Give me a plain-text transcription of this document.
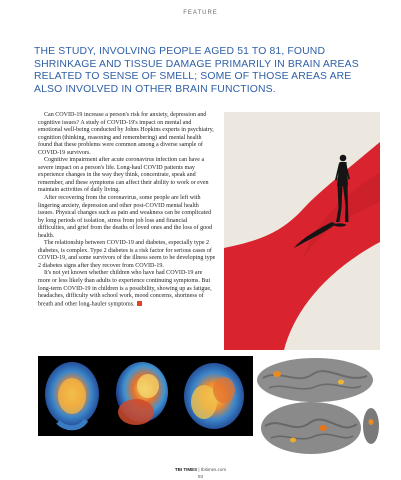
FEATURE
THE STUDY, INVOLVING PEOPLE AGED 51 TO 81, FOUND SHRINKAGE AND TISSUE DAMAGE PRIMARILY IN BRAIN AREAS RELATED TO SENSE OF SMELL; SOME OF THOSE AREAS ARE ALSO INVOLVED IN OTHER BRAIN FUNCTIONS.

Can COVID-19 increase a person's risk for anxiety, depression and cognitive issues? A study of COVID-19's impact on mental and emotional well-being conducted by Johns Hopkins experts in psychiatry, cognition (thinking, reasoning and remembering) and mental health found that these problems were common among a diverse sample of COVID-19 survivors.

Cognitive impairment after acute coronavirus infection can have a severe impact on a person's life. Long-haul COVID patients may experience changes in the way they think, concentrate, speak and remember, and these symptoms can affect their ability to work or even maintain activities of daily living.

After recovering from the coronavirus, some people are left with lingering anxiety, depression and other post-COVID mental health issues. Physical changes such as pain and weakness can be complicated by long periods of isolation, stress from job loss and financial difficulties, and grief from the deaths of loved ones and the loss of good health.

The relationship between COVID-19 and diabetes, especially type 2 diabetes, is complex. Type 2 diabetes is a risk factor for serious cases of COVID-19, and some survivors of the illness seem to be developing type 2 diabetes signs after they recover from COVID-19.

It's not yet known whether children who have had COVID-19 are more or less likely than adults to experience continuing symptoms. But long-term COVID-19 in children is a possibility, showing up as fatigue, headaches, difficulty with school work, mood concerns, shortness of breath and other long-hauler symptoms.

TBI TIMES | tbitimes.com
93
